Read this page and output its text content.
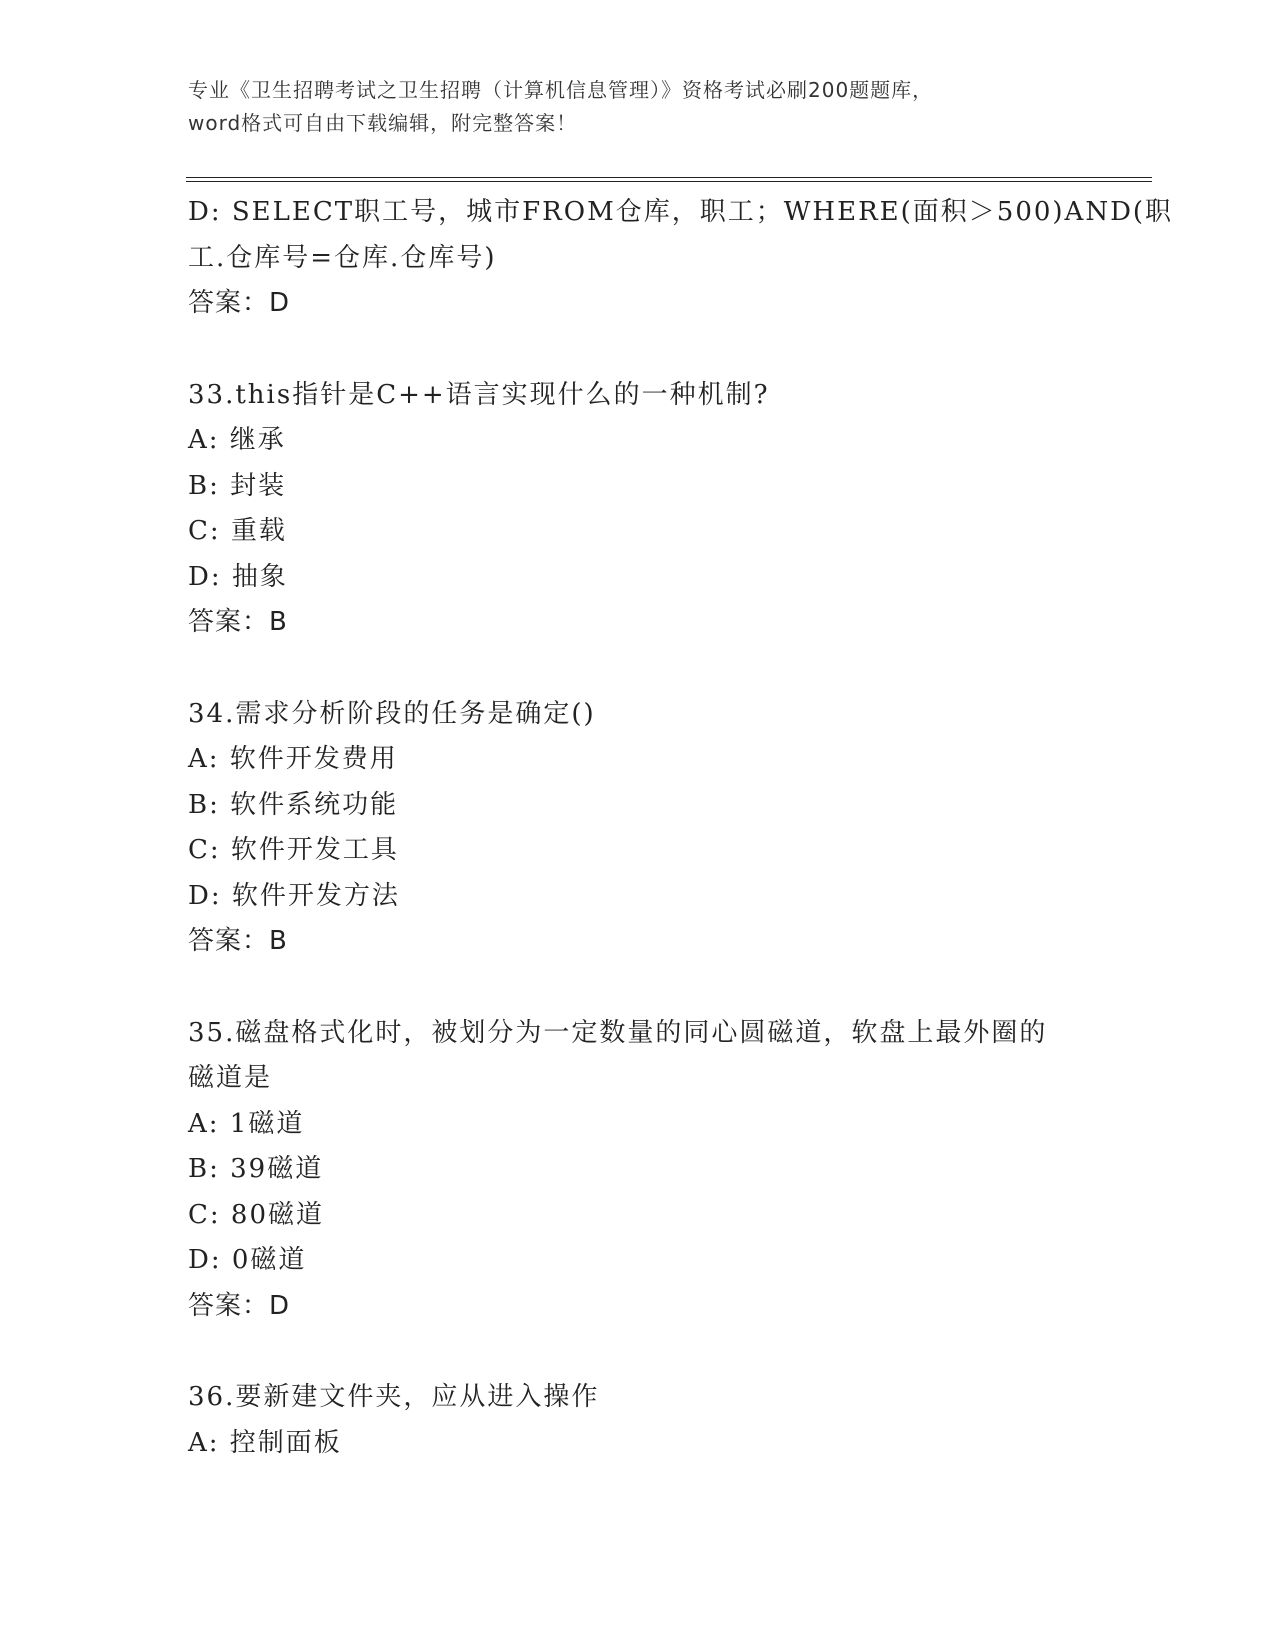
专业《卫生招聘考试之卫生招聘（计算机信息管理）》资格考试必刷200题题库，
word格式可自由下载编辑，附完整答案！
D: SELECT职工号，城市FROM仓库，职工；WHERE(面积＞500)AND(职
工.仓库号=仓库.仓库号)
答案：D
33.this指针是C++语言实现什么的一种机制?
A: 继承
B: 封装
C: 重载
D: 抽象
答案：B
34.需求分析阶段的任务是确定()
A: 软件开发费用
B: 软件系统功能
C: 软件开发工具
D: 软件开发方法
答案：B
35.磁盘格式化时，被划分为一定数量的同心圆磁道，软盘上最外圈的
磁道是
A: 1磁道
B: 39磁道
C: 80磁道
D: 0磁道
答案：D
36.要新建文件夹，应从进入操作
A: 控制面板
